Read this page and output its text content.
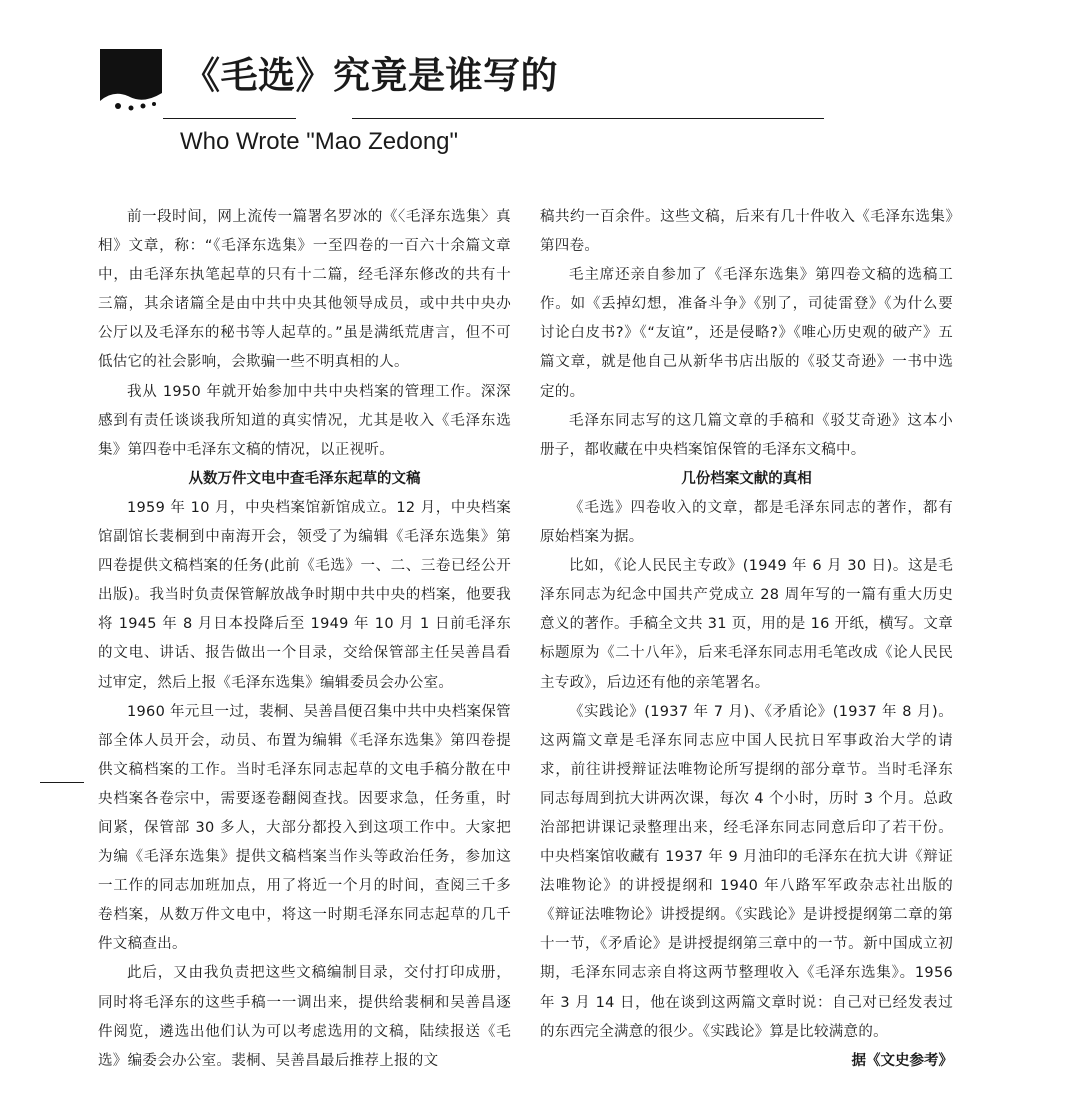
《毛选》究竟是谁写的
Who Wrote "Mao Zedong"

前一段时间，网上流传一篇署名罗冰的《〈毛泽东选集〉真相》文章，称：“《毛泽东选集》一至四卷的一百六十余篇文章中，由毛泽东执笔起草的只有十二篇，经毛泽东修改的共有十三篇，其余诸篇全是由中共中央其他领导成员，或中共中央办公厅以及毛泽东的秘书等人起草的。”虽是满纸荒唐言，但不可低估它的社会影响，会欺骗一些不明真相的人。

我从 1950 年就开始参加中共中央档案的管理工作。深深感到有责任谈谈我所知道的真实情况，尤其是收入《毛泽东选集》第四卷中毛泽东文稿的情况，以正视听。

从数万件文电中查毛泽东起草的文稿

1959 年 10 月，中央档案馆新馆成立。12 月，中央档案馆副馆长裴桐到中南海开会，领受了为编辑《毛泽东选集》第四卷提供文稿档案的任务(此前《毛选》一、二、三卷已经公开出版)。我当时负责保管解放战争时期中共中央的档案，他要我将 1945 年 8 月日本投降后至 1949 年 10 月 1 日前毛泽东的文电、讲话、报告做出一个目录，交给保管部主任吴善昌看过审定，然后上报《毛泽东选集》编辑委员会办公室。

1960 年元旦一过，裴桐、吴善昌便召集中共中央档案保管部全体人员开会，动员、布置为编辑《毛泽东选集》第四卷提供文稿档案的工作。当时毛泽东同志起草的文电手稿分散在中央档案各卷宗中，需要逐卷翻阅查找。因要求急，任务重，时间紧，保管部 30 多人，大部分都投入到这项工作中。大家把为编《毛泽东选集》提供文稿档案当作头等政治任务，参加这一工作的同志加班加点，用了将近一个月的时间，查阅三千多卷档案，从数万件文电中，将这一时期毛泽东同志起草的几千件文稿查出。

此后，又由我负责把这些文稿编制目录，交付打印成册，同时将毛泽东的这些手稿一一调出来，提供给裴桐和吴善昌逐件阅览，遴选出他们认为可以考虑选用的文稿，陆续报送《毛选》编委会办公室。裴桐、吴善昌最后推荐上报的文

稿共约一百余件。这些文稿，后来有几十件收入《毛泽东选集》第四卷。

毛主席还亲自参加了《毛泽东选集》第四卷文稿的选稿工作。如《丢掉幻想，准备斗争》《别了，司徒雷登》《为什么要讨论白皮书?》《“友谊”，还是侵略?》《唯心历史观的破产》五篇文章，就是他自己从新华书店出版的《驳艾奇逊》一书中选定的。

毛泽东同志写的这几篇文章的手稿和《驳艾奇逊》这本小册子，都收藏在中央档案馆保管的毛泽东文稿中。

几份档案文献的真相

《毛选》四卷收入的文章，都是毛泽东同志的著作，都有原始档案为据。

比如，《论人民民主专政》(1949 年 6 月 30 日)。这是毛泽东同志为纪念中国共产党成立 28 周年写的一篇有重大历史意义的著作。手稿全文共 31 页，用的是 16 开纸，横写。文章标题原为《二十八年》，后来毛泽东同志用毛笔改成《论人民民主专政》，后边还有他的亲笔署名。

《实践论》(1937 年 7 月)、《矛盾论》(1937 年 8 月)。这两篇文章是毛泽东同志应中国人民抗日军事政治大学的请求，前往讲授辩证法唯物论所写提纲的部分章节。当时毛泽东同志每周到抗大讲两次课，每次 4 个小时，历时 3 个月。总政治部把讲课记录整理出来，经毛泽东同志同意后印了若干份。中央档案馆收藏有 1937 年 9 月油印的毛泽东在抗大讲《辩证法唯物论》的讲授提纲和 1940 年八路军军政杂志社出版的《辩证法唯物论》讲授提纲。《实践论》是讲授提纲第二章的第十一节，《矛盾论》是讲授提纲第三章中的一节。新中国成立初期，毛泽东同志亲自将这两节整理收入《毛泽东选集》。1956 年 3 月 14 日，他在谈到这两篇文章时说：自己对已经发表过的东西完全满意的很少。《实践论》算是比较满意的。

据《文史参考》
